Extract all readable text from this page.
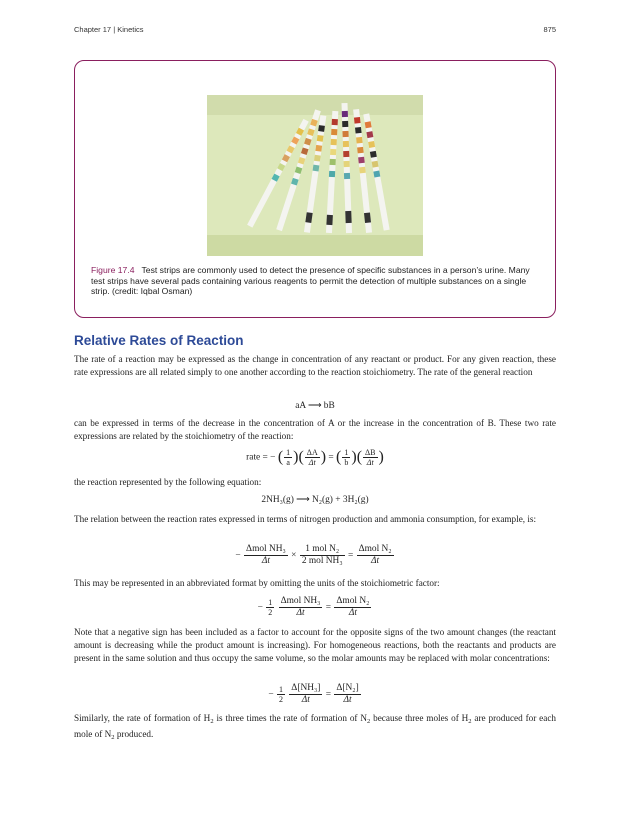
Chapter 17 | Kinetics	875
Figure 17.4 Test strips are commonly used to detect the presence of specific substances in a person’s urine. Many test strips have several pads containing various reagents to permit the detection of multiple substances on a single strip. (credit: Iqbal Osman)
Relative Rates of Reaction

The rate of a reaction may be expressed as the change in concentration of any reactant or product. For any given reaction, these rate expressions are all related simply to one another according to the reaction stoichiometry. The rate of the general reaction

aA ⟶ bB

can be expressed in terms of the decrease in the concentration of A or the increase in the concentration of B. These two rate expressions are related by the stoichiometry of the reaction:

rate = − ( $\frac{1}{a}$ )( $\frac{\Delta A}{\Delta t}$ ) = ( $\frac{1}{b}$ )( $\frac{\Delta B}{\Delta t}$ )

the reaction represented by the following equation:

2NH₃(g) ⟶ N₂(g) + 3H₂(g)

The relation between the reaction rates expressed in terms of nitrogen production and ammonia consumption, for example, is:

− $\frac{\text{Δmol NH₃}}{\Delta t} \times \frac{\text{1 mol N₂}}{\text{2 mol NH₃}} = \frac{\text{Δmol N₂}}{\Delta t}$

This may be represented in an abbreviated format by omitting the units of the stoichiometric factor:

− $\frac{1}{2}$
$\frac{\text{Δmol NH₃}}{\Delta t} = \frac{\text{Δmol N₂}}{\Delta t}$

Note that a negative sign has been included as a factor to account for the opposite signs of the two amount changes (the reactant amount is decreasing while the product amount is increasing). For homogeneous reactions, both the reactants and products are present in the same solution and thus occupy the same volume, so the molar amounts may be replaced with molar concentrations:

− $\frac{1}{2}$
$\frac{\text{Δ[NH₃]}}{\Delta t} = \frac{\text{Δ[N₂]}}{\Delta t}$

Similarly, the rate of formation of $H_2$ is three times the rate of formation of $N_2$ because three moles of $H_2$ are produced for each mole of $N_2$ produced.
